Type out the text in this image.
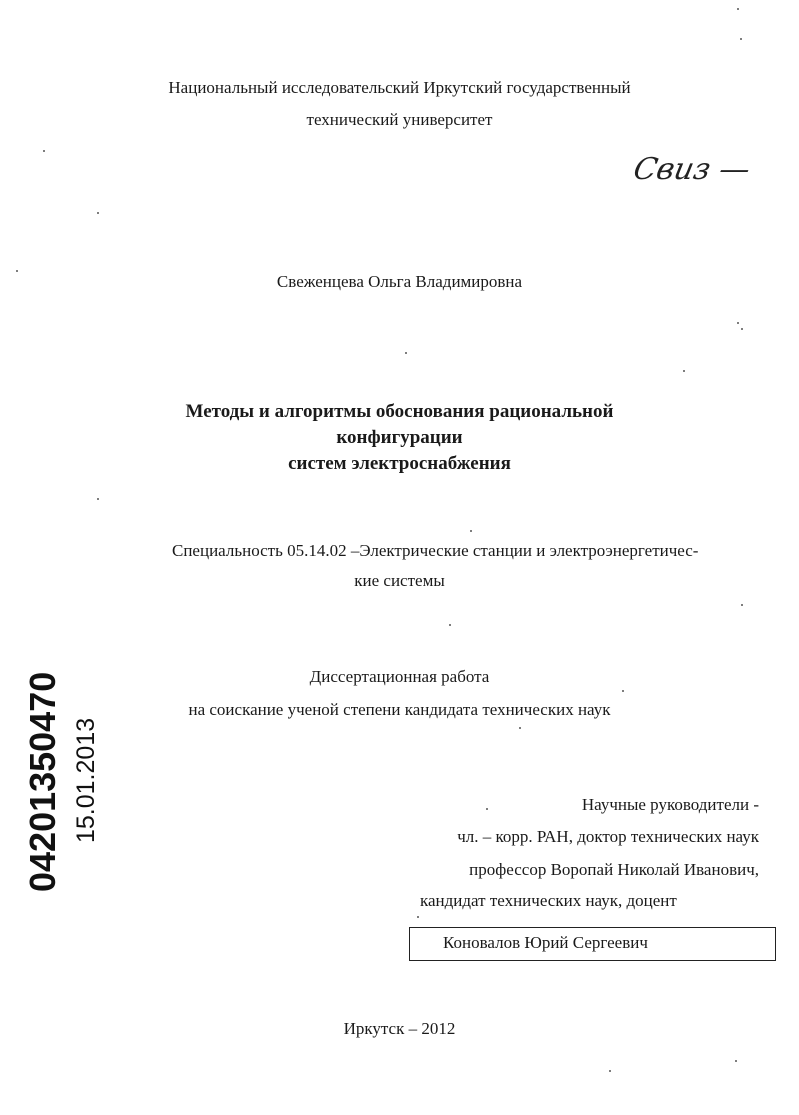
Национальный исследовательский Иркутский государственный
технический университет
Свиз —
Свеженцева Ольга Владимировна
Методы и алгоритмы обоснования рациональной
конфигурации
систем электроснабжения
Специальность 05.14.02 –Электрические станции и электроэнергетичес-
кие системы
Диссертационная работа
на соискание ученой степени кандидата технических наук
Научные руководители -
чл. – корр. РАН, доктор технических наук
профессор Воропай Николай Иванович,
кандидат технических наук, доцент
Коновалов Юрий Сергеевич
Иркутск – 2012
04201350470 15.01.2013
